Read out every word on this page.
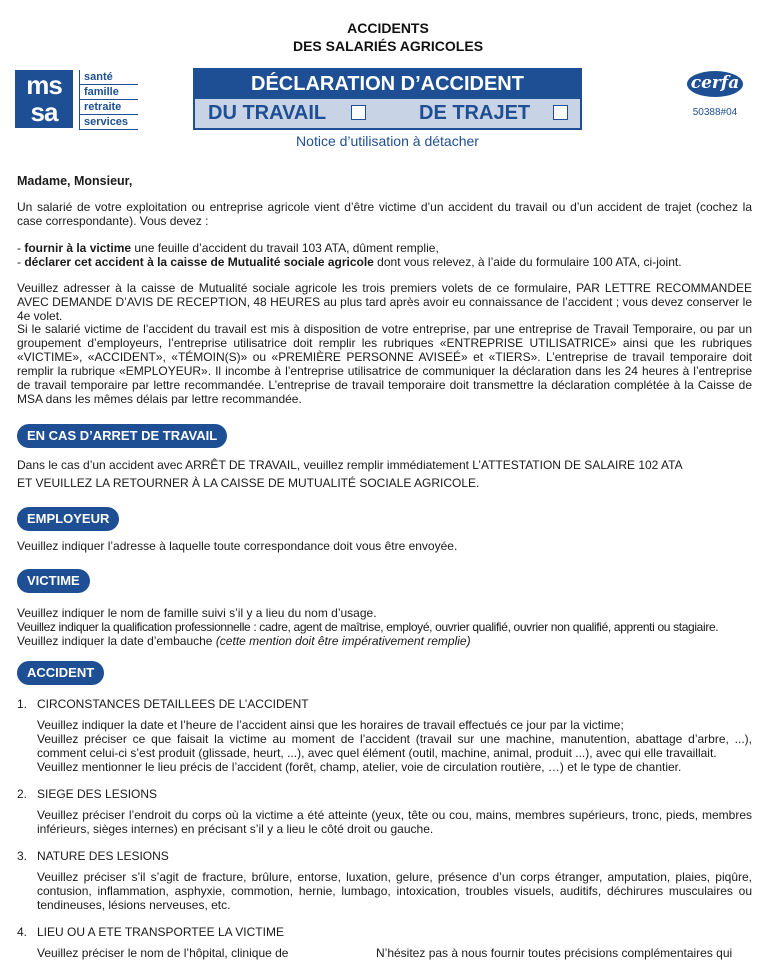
ACCIDENTS
DES SALARIÉS AGRICOLES
ms
sa
santé
famille
retraite
services
DÉCLARATION D’ACCIDENT
DU TRAVAIL	DE TRAJET
Notice d’utilisation à détacher
cerfa
50388#04
Madame, Monsieur,
Un salarié de votre exploitation ou entreprise agricole vient d’être victime d’un accident du travail ou d’un accident de trajet (cochez la case correspondante). Vous devez :
- fournir à la victime une feuille d’accident du travail 103 ATA, dûment remplie,
- déclarer cet accident à la caisse de Mutualité sociale agricole dont vous relevez, à l’aide du formulaire 100 ATA, ci-joint.
Veuillez adresser à la caisse de Mutualité sociale agricole les trois premiers volets de ce formulaire, PAR LETTRE RECOMMANDEE AVEC DEMANDE D’AVIS DE RECEPTION, 48 HEURES au plus tard après avoir eu connaissance de l’accident ; vous devez conserver le 4e volet.
Si le salarié victime de l’accident du travail est mis à disposition de votre entreprise, par une entreprise de Travail Temporaire, ou par un groupement d’employeurs, l’entreprise utilisatrice doit remplir les rubriques «ENTREPRISE UTILISATRICE» ainsi que les rubriques «VICTIME», «ACCIDENT», «TÉMOIN(S)» ou «PREMIÈRE PERSONNE AVISEÉ» et «TIERS». L’entreprise de travail temporaire doit remplir la rubrique «EMPLOYEUR». Il incombe à l’entreprise utilisatrice de communiquer la déclaration dans les 24 heures à l’entreprise de travail temporaire par lettre recommandée. L’entreprise de travail temporaire doit transmettre la déclaration complétée à la Caisse de MSA dans les mêmes délais par lettre recommandée.
EN CAS D’ARRET DE TRAVAIL
Dans le cas d’un accident avec ARRÊT DE TRAVAIL, veuillez remplir immédiatement L’ATTESTATION DE SALAIRE 102 ATA
ET VEUILLEZ LA RETOURNER À LA CAISSE DE MUTUALITÉ SOCIALE AGRICOLE.
EMPLOYEUR
Veuillez indiquer l’adresse à laquelle toute correspondance doit vous être envoyée.
VICTIME
Veuillez indiquer le nom de famille suivi s’il y a lieu du nom d’usage.
Veuillez indiquer la qualification professionnelle : cadre, agent de maîtrise, employé, ouvrier qualifié, ouvrier non qualifié, apprenti ou stagiaire.
Veuillez indiquer la date d’embauche (cette mention doit être impérativement remplie)
ACCIDENT
1. CIRCONSTANCES DETAILLEES DE L’ACCIDENT
Veuillez indiquer la date et l’heure de l’accident ainsi que les horaires de travail effectués ce jour par la victime;
Veuillez préciser ce que faisait la victime au moment de l’accident (travail sur une machine, manutention, abattage d’arbre, ...), comment celui-ci s’est produit (glissade, heurt, ...), avec quel élément (outil, machine, animal, produit ...), avec qui elle travaillait.
Veuillez mentionner le lieu précis de l’accident (forêt, champ, atelier, voie de circulation routière, …) et le type de chantier.
2. SIEGE DES LESIONS
Veuillez préciser l’endroit du corps où la victime a été atteinte (yeux, tête ou cou, mains, membres supérieurs, tronc, pieds, membres inférieurs, sièges internes) en précisant s’il y a lieu le côté droit ou gauche.
3. NATURE DES LESIONS
Veuillez préciser s’il s’agit de fracture, brûlure, entorse, luxation, gelure, présence d’un corps étranger, amputation, plaies, piqûre, contusion, inflammation, asphyxie, commotion, hernie, lumbago, intoxication, troubles visuels, auditifs, déchirures musculaires ou tendineuses, lésions nerveuses, etc.
4. LIEU OU A ETE TRANSPORTEE LA VICTIME
Veuillez préciser le nom de l’hôpital, clinique de	N’hésitez pas à nous fournir toutes précisions complémentaires qui
